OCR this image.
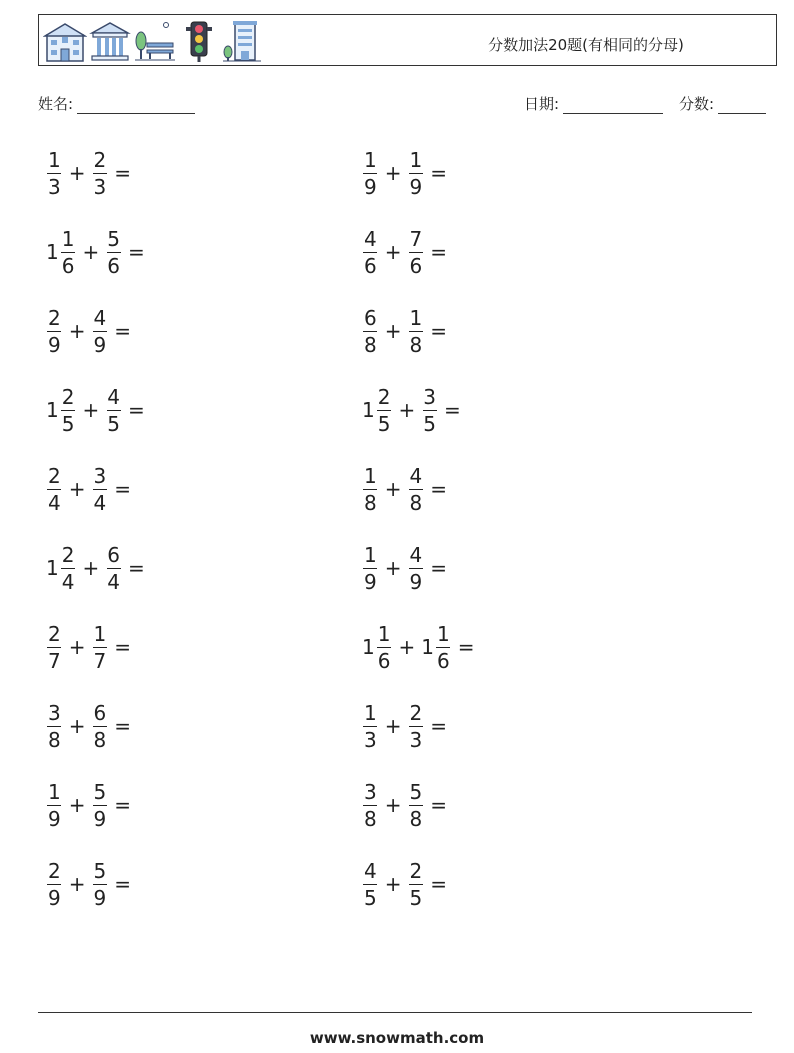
分数加法20题(有相同的分母)
姓名:	日期:	分数:
$\frac{1}{3} + \frac{2}{3}$ =	$\frac{1}{9} + \frac{1}{9}$ =
$1 \frac{1}{6} + \frac{5}{6}$ =	$\frac{4}{6} + \frac{7}{6}$ =
$\frac{2}{9} + \frac{4}{9}$ =	$\frac{6}{8} + \frac{1}{8}$ =
$1 \frac{2}{5} + \frac{4}{5}$ =	$1 \frac{2}{5} + \frac{3}{5}$ =
$\frac{2}{4} + \frac{3}{4}$ =	$\frac{1}{8} + \frac{4}{8}$ =
$1 \frac{2}{4} + \frac{6}{4}$ =	$\frac{1}{9} + \frac{4}{9}$ =
$\frac{2}{7} + \frac{1}{7}$ =	$1 \frac{1}{6} + 1 \frac{1}{6}$ =
$\frac{3}{8} + \frac{6}{8}$ =	$\frac{1}{3} + \frac{2}{3}$ =
$\frac{1}{9} + \frac{5}{9}$ =	$\frac{3}{8} + \frac{5}{8}$ =
$\frac{2}{9} + \frac{5}{9}$ =	$\frac{4}{5} + \frac{2}{5}$ =
www.snowmath.com
